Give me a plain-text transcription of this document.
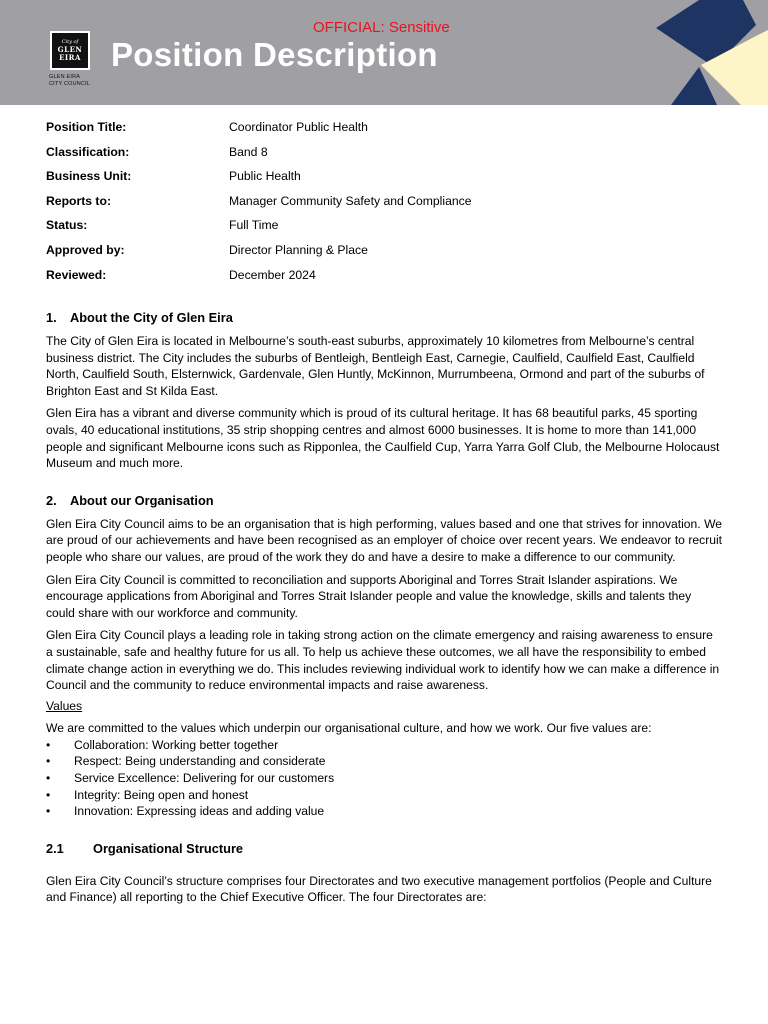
OFFICIAL: Sensitive
City of
GLEN
EIRA
GLEN EIRA
CITY COUNCIL
Position Description
Position Title:	Coordinator Public Health
Classification:	Band 8
Business Unit:	Public Health
Reports to:	Manager Community Safety and Compliance
Status:	Full Time
Approved by:	Director Planning & Place
Reviewed:	December 2024
1. About the City of Glen Eira

The City of Glen Eira is located in Melbourne’s south-east suburbs, approximately 10 kilometres from Melbourne’s central business district. The City includes the suburbs of Bentleigh, Bentleigh East, Carnegie, Caulfield, Caulfield East, Caulfield North, Caulfield South, Elsternwick, Gardenvale, Glen Huntly, McKinnon, Murrumbeena, Ormond and part of the suburbs of Brighton East and St Kilda East.

Glen Eira has a vibrant and diverse community which is proud of its cultural heritage. It has 68 beautiful parks, 45 sporting ovals, 40 educational institutions, 35 strip shopping centres and almost 6000 businesses. It is home to more than 141,000 people and significant Melbourne icons such as Ripponlea, the Caulfield Cup, Yarra Yarra Golf Club, the Melbourne Holocaust Museum and much more.

2. About our Organisation

Glen Eira City Council aims to be an organisation that is high performing, values based and one that strives for innovation. We are proud of our achievements and have been recognised as an employer of choice over recent years. We endeavor to recruit people who share our values, are proud of the work they do and have a desire to make a difference to our community.

Glen Eira City Council is committed to reconciliation and supports Aboriginal and Torres Strait Islander aspirations. We encourage applications from Aboriginal and Torres Strait Islander people and value the knowledge, skills and talents they could share with our workforce and community.

Glen Eira City Council plays a leading role in taking strong action on the climate emergency and raising awareness to ensure a sustainable, safe and healthy future for us all. To help us achieve these outcomes, we all have the responsibility to embed climate change action in everything we do. This includes reviewing individual work to identify how we can make a difference in Council and the community to reduce environmental impacts and raise awareness.

Values

We are committed to the values which underpin our organisational culture, and how we work. Our five values are:

• Collaboration: Working better together
• Respect: Being understanding and considerate
• Service Excellence: Delivering for our customers
• Integrity: Being open and honest
• Innovation: Expressing ideas and adding value
2.1 Organisational Structure

Glen Eira City Council’s structure comprises four Directorates and two executive management portfolios (People and Culture and Finance) all reporting to the Chief Executive Officer. The four Directorates are:
